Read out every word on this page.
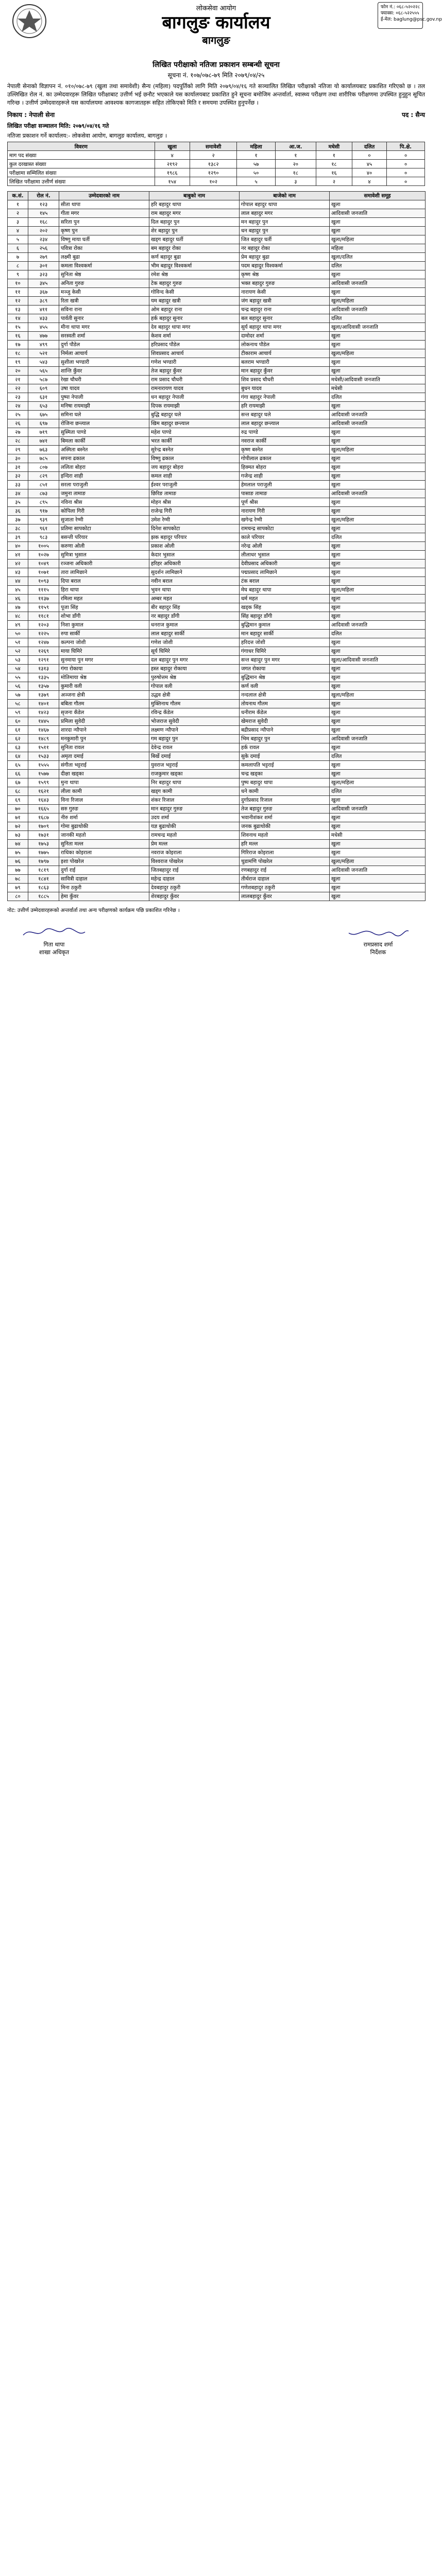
फोन नं.: ०६८-५२०२२८
फ्याक्स: ०६८-५२२५५५
ई-मेल: baglung@psc.gov.np
लोकसेवा आयोग
बागलुङ कार्यालय
बागलुङ
लिखित परीक्षाको नतिजा प्रकाशन सम्बन्धी सूचना
सूचना नं. १०७/०७८-७९ मिति २०७९/०४/२५
नेपाली सेनाको विज्ञापन नं. ०१०/०७८-७९ (खुला तथा समावेशी) सैन्य (महिला) पदपूर्तिको लागि मिति २०७९/०४/१६ गते सञ्चालित लिखित परीक्षाको नतिजा यो कार्यालयबाट प्रकाशित गरिएको छ । तल उल्लिखित रोल नं. का उम्मेदवारहरू लिखित परीक्षाबाट उत्तीर्ण भई छनौट भएकाले यस कार्यालयबाट प्रकाशित हुने सूचना बमोजिम अन्तर्वार्ता, स्वास्थ्य परीक्षण तथा शारीरिक परीक्षणमा उपस्थित हुनुहुन सूचित गरिन्छ । उत्तीर्ण उम्मेदवारहरूले यस कार्यालयमा आवश्यक कागजातहरू सहित तोकिएको मिति र समयमा उपस्थित हुनुपर्नेछ ।
निकाय : नेपाली सेना	पद : सैन्य
लिखित परीक्षा सञ्चालन मिति: २०७९/०४/१६ गते
नतिजा प्रकाशन गर्ने कार्यालय:- लोकसेवा आयोग, बागलुङ कार्यालय, बागलुङ ।
विवरण	खुला	समावेशी	महिला	आ.ज.	मधेसी	दलित	पि.क्षे.
माग पद संख्या	४	२	१	१	१	०	०
कुल दरखास्त संख्या	२१९२	१३८२	५७	२०	१८	४५	०
परीक्षामा सम्मिलित संख्या	१९८६	१२९०	५०	१८	१६	४०	०
लिखित परीक्षामा उत्तीर्ण संख्या	१५४	१०२	५	३	२	४	०
क.सं.	रोल नं.	उम्मेदवारको नाम	बाबुको नाम	बाजेको नाम	समावेशी समूह
१	१२३	सीता थापा	हरि बहादुर थापा	गोपाल बहादुर थापा	खुला
२	१४५	गीता मगर	राम बहादुर मगर	लाल बहादुर मगर	आदिवासी जनजाति
३	१६८	सरिता पुन	दिल बहादुर पुन	मन बहादुर पुन	खुला
४	२०२	कृष्ण पुन	शेर बहादुर पुन	धन बहादुर पुन	खुला
५	२३४	विष्णु माया घर्ती	खड्ग बहादुर घर्ती	जित बहादुर घर्ती	खुला/महिला
६	२५६	पवित्रा रोका	बम बहादुर रोका	नर बहादुर रोका	महिला
७	२७९	लक्ष्मी बुढा	कर्ण बहादुर बुढा	प्रेम बहादुर बुढा	खुला/दलित
८	३०१	कमला विश्वकर्मा	भीम बहादुर विश्वकर्मा	पदम बहादुर विश्वकर्मा	दलित
९	३२३	सुनिता श्रेष्ठ	रमेश श्रेष्ठ	कृष्ण श्रेष्ठ	खुला
१०	३४५	अनिता गुरुङ	टेक बहादुर गुरुङ	भक्त बहादुर गुरुङ	आदिवासी जनजाति
११	३६७	मञ्जु केसी	गोविन्द केसी	नारायण केसी	खुला
१२	३८९	रिता खत्री	यम बहादुर खत्री	जंग बहादुर खत्री	खुला/महिला
१३	४११	सविना राना	ओम बहादुर राना	चन्द्र बहादुर राना	आदिवासी जनजाति
१४	४३३	पार्वती सुनार	हर्क बहादुर सुनार	बल बहादुर सुनार	दलित
१५	४५५	मीना थापा मगर	देव बहादुर थापा मगर	सुर्य बहादुर थापा मगर	खुला/आदिवासी जनजाति
१६	४७७	सरस्वती शर्मा	केशव शर्मा	दामोदर शर्मा	खुला
१७	४९९	दुर्गा पौडेल	हरिप्रसाद पौडेल	लोकनाथ पौडेल	खुला
१८	५२१	निर्मला आचार्य	शिवप्रसाद आचार्य	टीकाराम आचार्य	खुला/महिला
१९	५४३	सुशीला भण्डारी	गणेश भण्डारी	बलराम भण्डारी	खुला
२०	५६५	शान्ति कुँवर	तेज बहादुर कुँवर	मान बहादुर कुँवर	खुला
२१	५८७	रेखा चौधरी	राम प्रसाद चौधरी	शिव प्रसाद चौधरी	मधेसी/आदिवासी जनजाति
२२	६०९	उषा यादव	रामनारायण यादव	बुधन यादव	मधेसी
२३	६३१	पुष्पा नेपाली	धन बहादुर नेपाली	गंगा बहादुर नेपाली	दलित
२४	६५३	मनिषा रायमाझी	दिपक रायमाझी	हरि रायमाझी	खुला
२५	६७५	समिना घले	बुद्धि बहादुर घले	सन्त बहादुर घले	आदिवासी जनजाति
२६	६९७	रोजिना छन्त्याल	खिम बहादुर छन्त्याल	लाल बहादुर छन्त्याल	आदिवासी जनजाति
२७	७१९	सुस्मिता पाण्डे	महेश पाण्डे	रुद्र पाण्डे	खुला
२८	७४१	बिमला कार्की	भरत कार्की	नवराज कार्की	खुला
२९	७६३	अस्मिता बस्नेत	सुरेन्द्र बस्नेत	कृष्ण बस्नेत	खुला/महिला
३०	७८५	सपना ढकाल	विष्णु ढकाल	गोपीलाल ढकाल	खुला
३१	८०७	ललिता बोहरा	जय बहादुर बोहरा	हिक्मत बोहरा	खुला
३२	८२९	इन्दिरा शाही	कमल शाही	गजेन्द्र शाही	खुला
३३	८५१	सरला पराजुली	ईश्वर पराजुली	हेमलाल पराजुली	खुला
३४	८७३	जमुना तामाङ	छिरिङ तामाङ	पासाङ तामाङ	आदिवासी जनजाति
३५	८९५	नविना श्रीस	मोहन श्रीस	पूर्ण श्रीस	खुला
३६	९१७	कोपिला गिरी	राजेन्द्र गिरी	नारायण गिरी	खुला
३७	९३९	सुजाता रेग्मी	उमेश रेग्मी	खगेन्द्र रेग्मी	खुला/महिला
३८	९६१	प्रतिमा सापकोटा	दिनेश सापकोटा	रामचन्द्र सापकोटा	खुला
३९	९८३	बसन्ती परियार	झक बहादुर परियार	काले परियार	दलित
४०	१००५	करुणा ओली	प्रकाश ओली	नरेन्द्र ओली	खुला
४१	१०२७	सुमित्रा भुसाल	केदार भुसाल	लीलाधर भुसाल	खुला
४२	१०४९	रञ्जना अधिकारी	हरिहर अधिकारी	देवीप्रसाद अधिकारी	खुला
४३	१०७१	तारा लामिछाने	सुदर्शन लामिछाने	पद्मप्रसाद लामिछाने	खुला
४४	१०९३	दिपा बराल	नवीन बराल	टंक बराल	खुला
४५	१११५	हिरा थापा	भुवन थापा	मेघ बहादुर थापा	खुला/महिला
४६	११३७	रमिला महत	अम्बर महत	धर्म महत	खुला
४७	११५९	पूजा सिंह	बीर बहादुर सिंह	खड्क सिंह	खुला
४८	११८१	शोभा डाँगी	नर बहादुर डाँगी	सिंह बहादुर डाँगी	खुला
४९	१२०३	निशा कुमाल	धनराज कुमाल	बुद्धिमान कुमाल	आदिवासी जनजाति
५०	१२२५	रुपा सार्की	लाल बहादुर सार्की	मान बहादुर सार्की	दलित
५१	१२४७	कल्पना जोशी	गणेश जोशी	हरिदत्त जोशी	खुला
५२	१२६९	माया घिमिरे	सूर्य घिमिरे	गंगाधर घिमिरे	खुला
५३	१२९१	सुनमाया पुन मगर	दल बहादुर पुन मगर	सन्त बहादुर पुन मगर	खुला/आदिवासी जनजाति
५४	१३१३	गंगा रोकाया	हस्त बहादुर रोकाया	जगत रोकाया	खुला
५५	१३३५	मोतिमाया श्रेष्ठ	पुरुषोत्तम श्रेष्ठ	बुद्धिमान श्रेष्ठ	खुला
५६	१३५७	कुमारी वली	गोपाल वली	कर्ण वली	खुला
५७	१३७९	अञ्जना क्षेत्री	उद्धव क्षेत्री	नन्दलाल क्षेत्री	खुला/महिला
५८	१४०१	बबिता गौतम	मुक्तिनाथ गौतम	तोयनाथ गौतम	खुला
५९	१४२३	सृजना कँडेल	रविन्द्र कँडेल	धनीराम कँडेल	खुला
६०	१४४५	प्रमिला सुवेदी	भोजराज सुवेदी	खेमराज सुवेदी	खुला
६१	१४६७	शारदा न्यौपाने	लक्ष्मण न्यौपाने	बद्रीप्रसाद न्यौपाने	खुला
६२	१४८९	मनकुमारी पुन	गम बहादुर पुन	भिम बहादुर पुन	आदिवासी जनजाति
६३	१५११	सुनिता रावल	देवेन्द्र रावल	हर्क रावल	खुला
६४	१५३३	अमृता दमाई	बिर्खे दमाई	सुके दमाई	दलित
६५	१५५५	संगीता भट्टराई	युवराज भट्टराई	कमलापति भट्टराई	खुला
६६	१५७७	दीक्षा खड्का	राजकुमार खड्का	चन्द्र खड्का	खुला
६७	१५९९	मुना थापा	निर बहादुर थापा	पुष्प बहादुर थापा	खुला/महिला
६८	१६२१	लीला कामी	खड्ग कामी	धने कामी	दलित
६९	१६४३	विना रिजाल	शंकर रिजाल	दुर्गाप्रसाद रिजाल	खुला
७०	१६६५	सरु गुरुङ	मान बहादुर गुरुङ	तेज बहादुर गुरुङ	आदिवासी जनजाति
७१	१६८७	नीरु शर्मा	उदय शर्मा	भवानीशंकर शर्मा	खुला
७२	१७०९	गोमा बुढाथोकी	यज्ञ बुढाथोकी	जनक बुढाथोकी	खुला
७३	१७३१	जानकी महतो	रामचन्द्र महतो	शिवनाथ महतो	मधेसी
७४	१७५३	सुनिता मल्ल	प्रेम मल्ल	हरि मल्ल	खुला
७५	१७७५	राधिका कोइराला	नवराज कोइराला	गिरिराज कोइराला	खुला
७६	१७९७	इशा पोखरेल	विश्वराज पोखरेल	चुडामणि पोखरेल	खुला/महिला
७७	१८१९	दुर्गा राई	जितबहादुर राई	रणबहादुर राई	आदिवासी जनजाति
७८	१८४१	सावित्री दाहाल	महेन्द्र दाहाल	तीर्थराज दाहाल	खुला
७९	१८६३	मिना ठकुरी	देवबहादुर ठकुरी	गणेशबहादुर ठकुरी	खुला
८०	१८८५	हेमा कुँवर	शेरबहादुर कुँवर	लालबहादुर कुँवर	खुला
नोट: उत्तीर्ण उम्मेदवारहरूको अन्तर्वार्ता तथा अन्य परीक्षणको कार्यक्रम पछि प्रकाशित गरिनेछ ।
गिता थापा
शाखा अधिकृत
रामप्रसाद शर्मा
निर्देशक
